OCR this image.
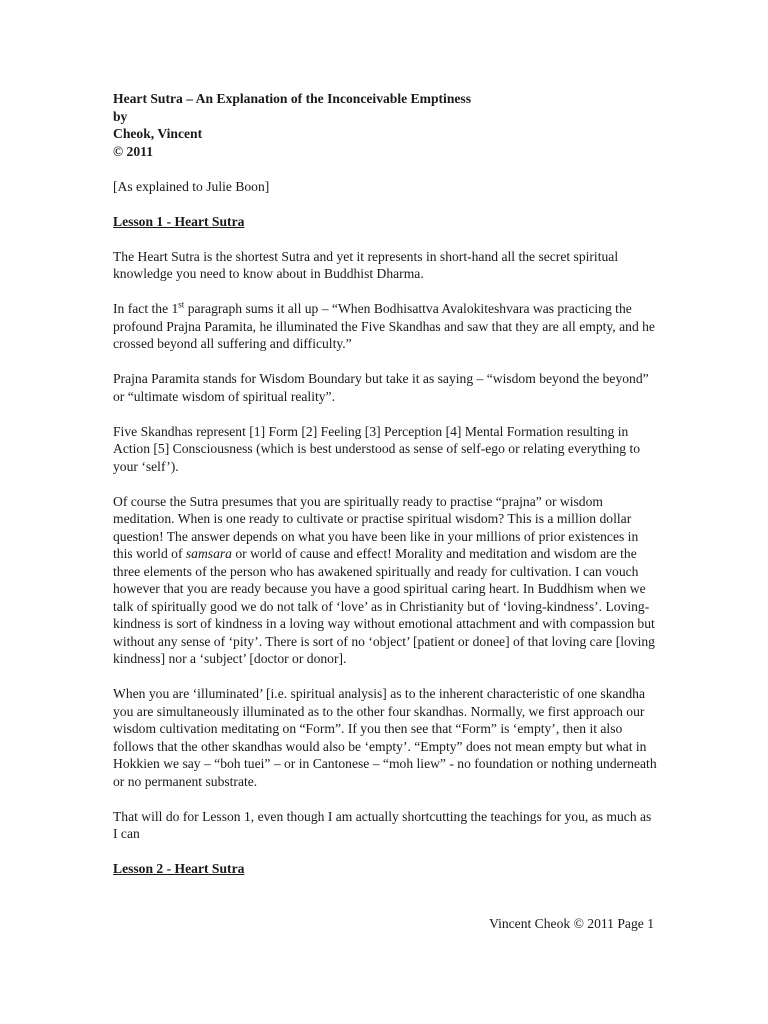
Heart Sutra – An Explanation of the Inconceivable Emptiness

by

Cheok, Vincent

© 2011

[As explained to Julie Boon]

Lesson 1 - Heart Sutra

The Heart Sutra is the shortest Sutra and yet it represents in short-hand all the secret spiritual knowledge you need to know about in Buddhist Dharma.

In fact the 1st paragraph sums it all up – “When Bodhisattva Avalokiteshvara was practicing the profound Prajna Paramita, he illuminated the Five Skandhas and saw that they are all empty, and he crossed beyond all suffering and difficulty.”

Prajna Paramita stands for Wisdom Boundary but take it as saying – “wisdom beyond the beyond” or “ultimate wisdom of spiritual reality”.

Five Skandhas represent [1] Form [2] Feeling [3] Perception [4] Mental Formation resulting in Action [5] Consciousness (which is best understood as sense of self-ego or relating everything to your ‘self’).

Of course the Sutra presumes that you are spiritually ready to practise “prajna” or wisdom meditation. When is one ready to cultivate or practise spiritual wisdom? This is a million dollar question! The answer depends on what you have been like in your millions of prior existences in this world of samsara or world of cause and effect! Morality and meditation and wisdom are the three elements of the person who has awakened spiritually and ready for cultivation. I can vouch however that you are ready because you have a good spiritual caring heart. In Buddhism when we talk of spiritually good we do not talk of ‘love’ as in Christianity but of ‘loving-kindness’. Loving-kindness is sort of kindness in a loving way without emotional attachment and with compassion but without any sense of ‘pity’. There is sort of no ‘object’ [patient or donee] of that loving care [loving kindness] nor a ‘subject’ [doctor or donor].

When you are ‘illuminated’ [i.e. spiritual analysis] as to the inherent characteristic of one skandha you are simultaneously illuminated as to the other four skandhas. Normally, we first approach our wisdom cultivation meditating on “Form”. If you then see that “Form” is ‘empty’, then it also follows that the other skandhas would also be ‘empty’. “Empty” does not mean empty but what in Hokkien we say – “boh tuei” – or in Cantonese – “moh liew” - no foundation or nothing underneath or no permanent substrate.

That will do for Lesson 1, even though I am actually shortcutting the teachings for you, as much as I can

Lesson 2 - Heart Sutra

Vincent Cheok © 2011 Page 1
